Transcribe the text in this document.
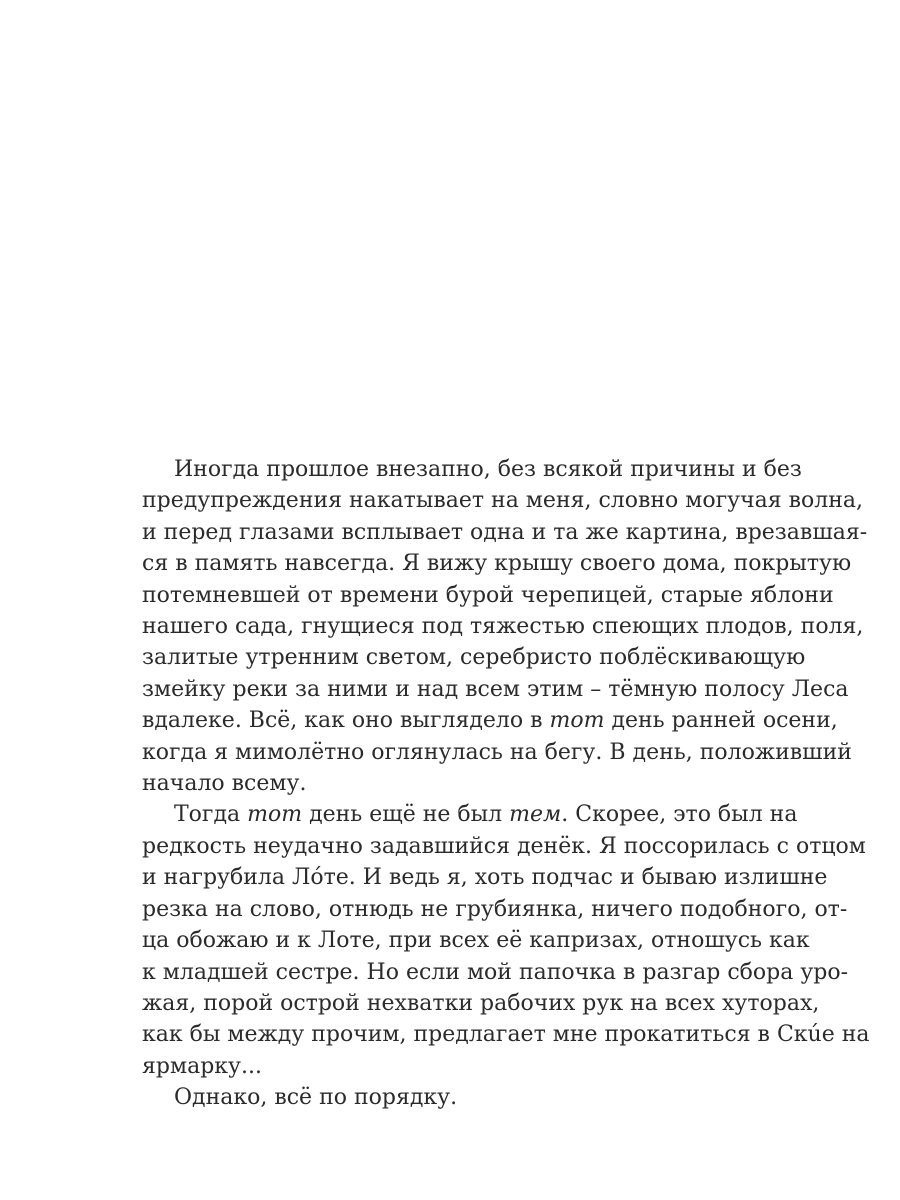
Иногда прошлое внезапно, без всякой причины и без
предупреждения накатывает на меня, словно могучая волна,
и перед глазами всплывает одна и та же картина, врезавшая-
ся в память навсегда. Я вижу крышу своего дома, покрытую
потемневшей от времени бурой черепицей, старые яблони
нашего сада, гнущиеся под тяжестью спеющих плодов, поля,
залитые утренним светом, серебристо поблёскивающую
змейку реки за ними и над всем этим – тёмную полосу Леса
вдалеке. Всё, как оно выглядело в тот день ранней осени,
когда я мимолётно оглянулась на бегу. В день, положивший
начало всему.
Тогда тот день ещё не был тем. Скорее, это был на
редкость неудачно задавшийся денёк. Я поссорилась с отцом
и нагрубила Лóте. И ведь я, хоть подчас и бываю излишне
резка на слово, отнюдь не грубиянка, ничего подобного, от-
ца обожаю и к Лоте, при всех её капризах, отношусь как
к младшей сестре. Но если мой папочка в разгар сбора уро-
жая, порой острой нехватки рабочих рук на всех хуторах,
как бы между прочим, предлагает мне прокатиться в Скúе на
ярмарку...
Однако, всё по порядку.
